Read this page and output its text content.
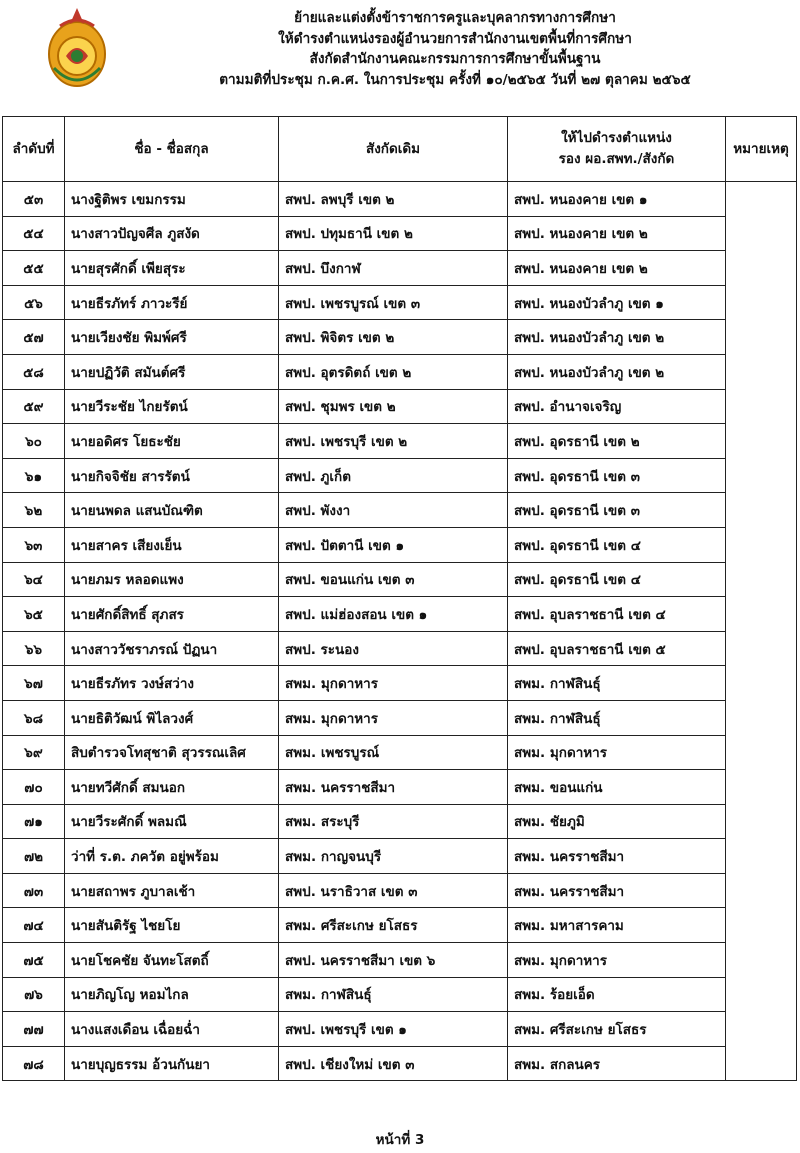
ย้ายและแต่งตั้งข้าราชการครูและบุคลากรทางการศึกษา
ให้ดำรงตำแหน่งรองผู้อำนวยการสำนักงานเขตพื้นที่การศึกษา
สังกัดสำนักงานคณะกรรมการการศึกษาขั้นพื้นฐาน
ตามมติที่ประชุม ก.ค.ศ. ในการประชุม ครั้งที่ ๑๐/๒๕๖๕ วันที่ ๒๗ ตุลาคม ๒๕๖๕
ลำดับที่	ชื่อ - ชื่อสกุล	สังกัดเดิม	ให้ไปดำรงตำแหน่ง
รอง ผอ.สพท./สังกัด	หมายเหตุ
๕๓	นางฐิติพร เขมกรรม	สพป. ลพบุรี เขต ๒	สพป. หนองคาย เขต ๑	
๕๔	นางสาวปัญจศีล ภูสงัด	สพป. ปทุมธานี เขต ๒	สพป. หนองคาย เขต ๒	
๕๕	นายสุรศักดิ์ เพียสุระ	สพป. บึงกาฬ	สพป. หนองคาย เขต ๒	
๕๖	นายธีรภัทร์ ภาวะรีย์	สพป. เพชรบูรณ์ เขต ๓	สพป. หนองบัวลำภู เขต ๑	
๕๗	นายเวียงชัย พิมพ์ศรี	สพป. พิจิตร เขต ๒	สพป. หนองบัวลำภู เขต ๒	
๕๘	นายปฏิวัติ สมันต์ศรี	สพป. อุตรดิตถ์ เขต ๒	สพป. หนองบัวลำภู เขต ๒	
๕๙	นายวีระชัย ไกยรัตน์	สพป. ชุมพร เขต ๒	สพป. อำนาจเจริญ	
๖๐	นายอดิศร โยธะชัย	สพป. เพชรบุรี เขต ๒	สพป. อุดรธานี เขต ๒	
๖๑	นายกิจจิชัย สารรัตน์	สพป. ภูเก็ต	สพป. อุดรธานี เขต ๓	
๖๒	นายนพดล แสนบัณฑิต	สพป. พังงา	สพป. อุดรธานี เขต ๓	
๖๓	นายสาคร เสียงเย็น	สพป. ปัตตานี เขต ๑	สพป. อุดรธานี เขต ๔	
๖๔	นายภมร หลอดแพง	สพป. ขอนแก่น เขต ๓	สพป. อุดรธานี เขต ๔	
๖๕	นายศักดิ์สิทธิ์ สุภสร	สพป. แม่ฮ่องสอน เขต ๑	สพป. อุบลราชธานี เขต ๔	
๖๖	นางสาววัชราภรณ์ ปัฏนา	สพป. ระนอง	สพป. อุบลราชธานี เขต ๕	
๖๗	นายธีรภัทร วงษ์สว่าง	สพม. มุกดาหาร	สพม. กาฬสินธุ์	
๖๘	นายธิติวัฒน์ พิไลวงศ์	สพม. มุกดาหาร	สพม. กาฬสินธุ์	
๖๙	สิบตำรวจโทสุชาติ สุวรรณเลิศ	สพม. เพชรบูรณ์	สพม. มุกดาหาร	
๗๐	นายทวีศักดิ์ สมนอก	สพม. นครราชสีมา	สพม. ขอนแก่น	
๗๑	นายวีระศักดิ์ พลมณี	สพม. สระบุรี	สพม. ชัยภูมิ	
๗๒	ว่าที่ ร.ต. ภควัต อยู่พร้อม	สพม. กาญจนบุรี	สพม. นครราชสีมา	
๗๓	นายสถาพร ภูบาลเช้า	สพป. นราธิวาส เขต ๓	สพม. นครราชสีมา	
๗๔	นายสันติรัฐ ไชยโย	สพม. ศรีสะเกษ ยโสธร	สพม. มหาสารคาม	
๗๕	นายโชคชัย จันทะโสตถิ์	สพป. นครราชสีมา เขต ๖	สพม. มุกดาหาร	
๗๖	นายภิญโญ หอมไกล	สพม. กาฬสินธุ์	สพม. ร้อยเอ็ด	
๗๗	นางแสงเดือน เฉื่อยฉ่ำ	สพป. เพชรบุรี เขต ๑	สพม. ศรีสะเกษ ยโสธร	
๗๘	นายบุญธรรม อ้วนกันยา	สพป. เชียงใหม่ เขต ๓	สพม. สกลนคร	
หน้าที่ 3
